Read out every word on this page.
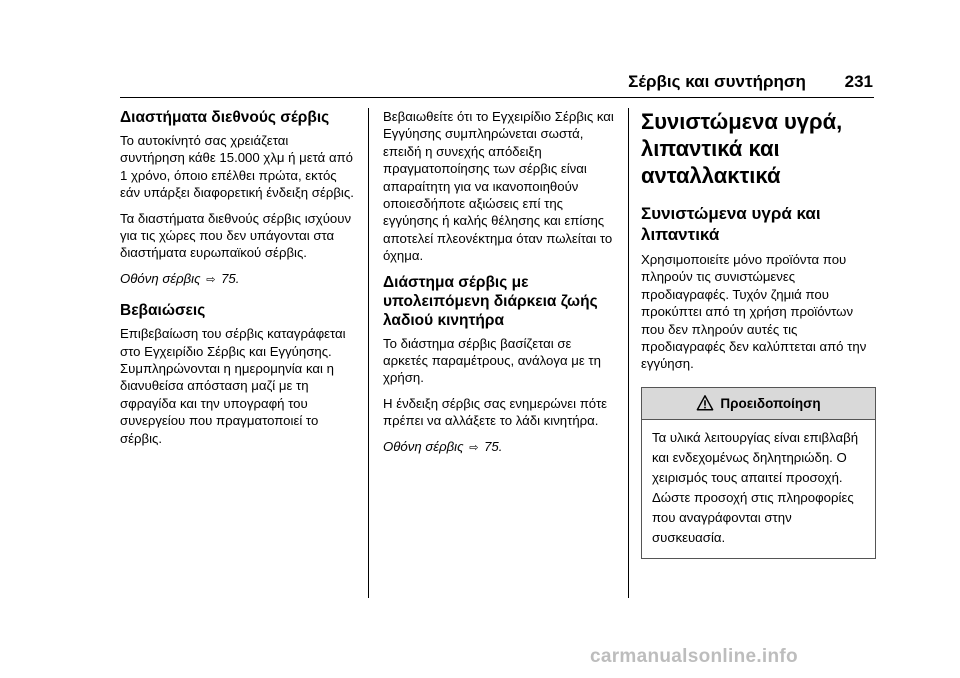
Σέρβις και συντήρηση 231
Διαστήματα διεθνούς σέρβις

Το αυτοκίνητό σας χρειάζεται συντήρηση κάθε 15.000 χλμ ή μετά από 1 χρόνο, όποιο επέλθει πρώτα, εκτός εάν υπάρξει διαφορετική ένδειξη σέρβις.

Τα διαστήματα διεθνούς σέρβις ισχύουν για τις χώρες που δεν υπάγονται στα διαστήματα ευρωπαϊκού σέρβις.

Οθόνη σέρβις ⇨ 75.

Βεβαιώσεις

Επιβεβαίωση του σέρβις καταγράφεται στο Εγχειρίδιο Σέρβις και Εγγύησης. Συμπληρώνονται η ημερομηνία και η διανυθείσα απόσταση μαζί με τη σφραγίδα και την υπογραφή του συνεργείου που πραγματοποιεί το σέρβις.

Βεβαιωθείτε ότι το Εγχειρίδιο Σέρβις και Εγγύησης συμπληρώνεται σωστά, επειδή η συνεχής απόδειξη πραγματοποίησης των σέρβις είναι απαραίτητη για να ικανοποιηθούν οποιεσδήποτε αξιώσεις επί της εγγύησης ή καλής θέλησης και επίσης αποτελεί πλεονέκτημα όταν πωλείται το όχημα.

Διάστημα σέρβις με υπολειπόμενη διάρκεια ζωής λαδιού κινητήρα

Το διάστημα σέρβις βασίζεται σε αρκετές παραμέτρους, ανάλογα με τη χρήση.

Η ένδειξη σέρβις σας ενημερώνει πότε πρέπει να αλλάξετε το λάδι κινητήρα.

Οθόνη σέρβις ⇨ 75.

Συνιστώμενα υγρά, λιπαντικά και ανταλλακτικά
Συνιστώμενα υγρά και λιπαντικά

Χρησιμοποιείτε μόνο προϊόντα που πληρούν τις συνιστώμενες προδιαγραφές. Τυχόν ζημιά που προκύπτει από τη χρήση προϊόντων που δεν πληρούν αυτές τις προδιαγραφές δεν καλύπτεται από την εγγύηση.

Προειδοποίηση
Τα υλικά λειτουργίας είναι επιβλαβή και ενδεχομένως δηλητηριώδη. Ο χειρισμός τους απαιτεί προσοχή. Δώστε προσοχή στις πληροφορίες που αναγράφονται στην συσκευασία.
carmanualsonline.info
